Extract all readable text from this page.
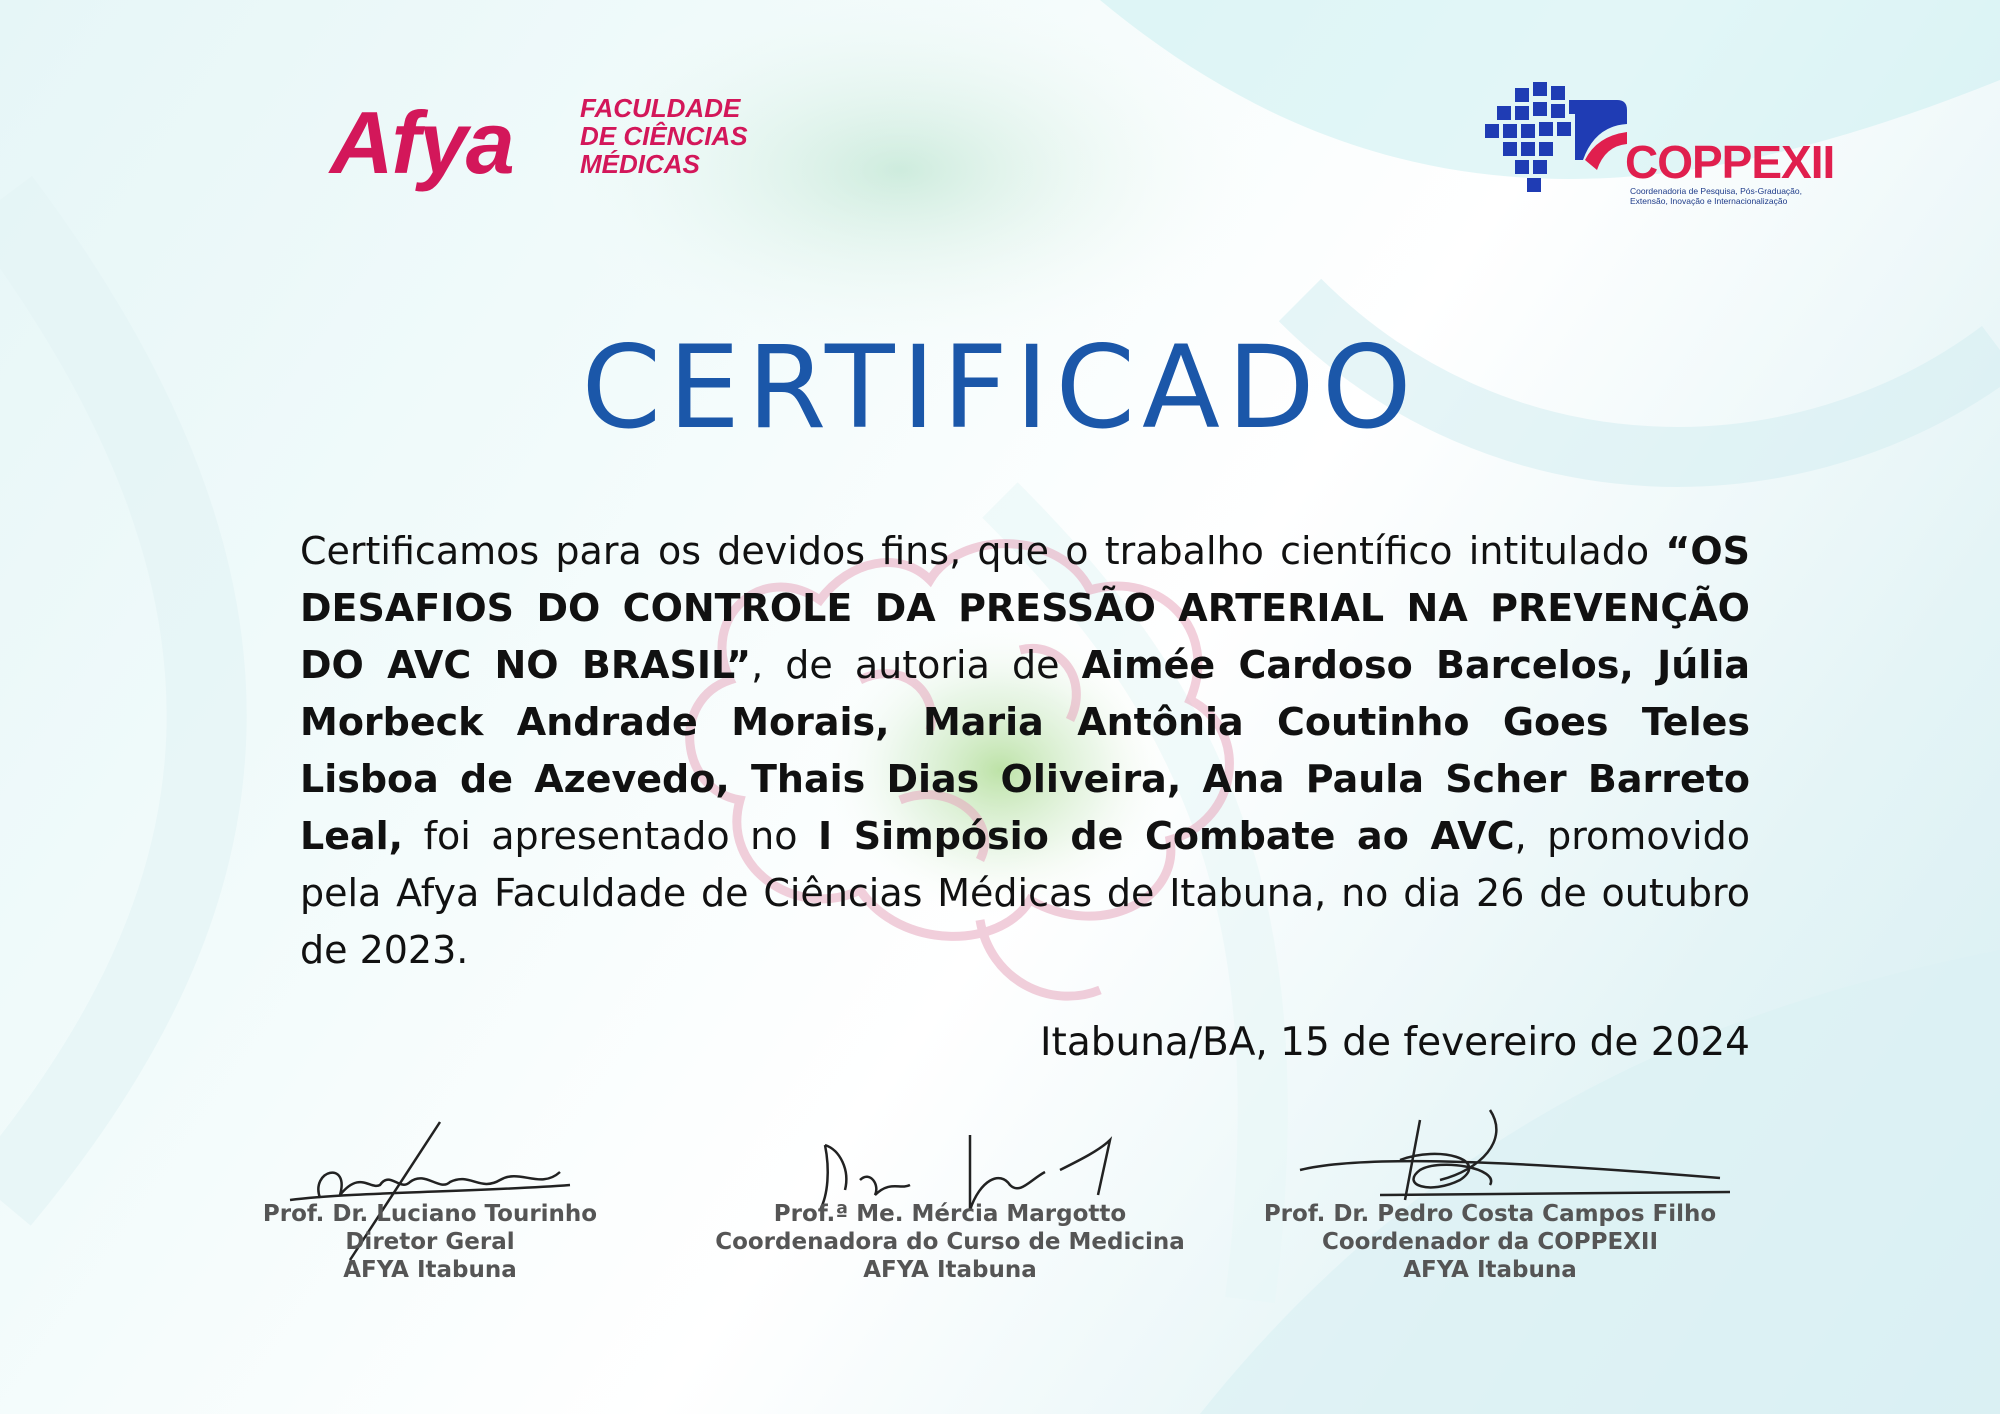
Afya	FACULDADE
DE CIÊNCIAS
MÉDICAS	COPPEXII
Coordenadoria de Pesquisa, Pós-Graduação,
Extensão, Inovação e Internacionalização
CERTIFICADO

Certificamos para os devidos fins, que o trabalho científico intitulado “OS DESAFIOS DO CONTROLE DA PRESSÃO ARTERIAL NA PREVENÇÃO DO AVC NO BRASIL”, de autoria de Aimée Cardoso Barcelos, Júlia Morbeck Andrade Morais, Maria Antônia Coutinho Goes Teles Lisboa de Azevedo, Thais Dias Oliveira, Ana Paula Scher Barreto Leal, foi apresentado no I Simpósio de Combate ao AVC, promovido pela Afya Faculdade de Ciências Médicas de Itabuna, no dia 26 de outubro de 2023.

Itabuna/BA, 15 de fevereiro de 2024
Prof. Dr. Luciano Tourinho
Diretor Geral
AFYA Itabuna
Prof.ª Me. Mércia Margotto
Coordenadora do Curso de Medicina
AFYA Itabuna
Prof. Dr. Pedro Costa Campos Filho
Coordenador da COPPEXII
AFYA Itabuna
